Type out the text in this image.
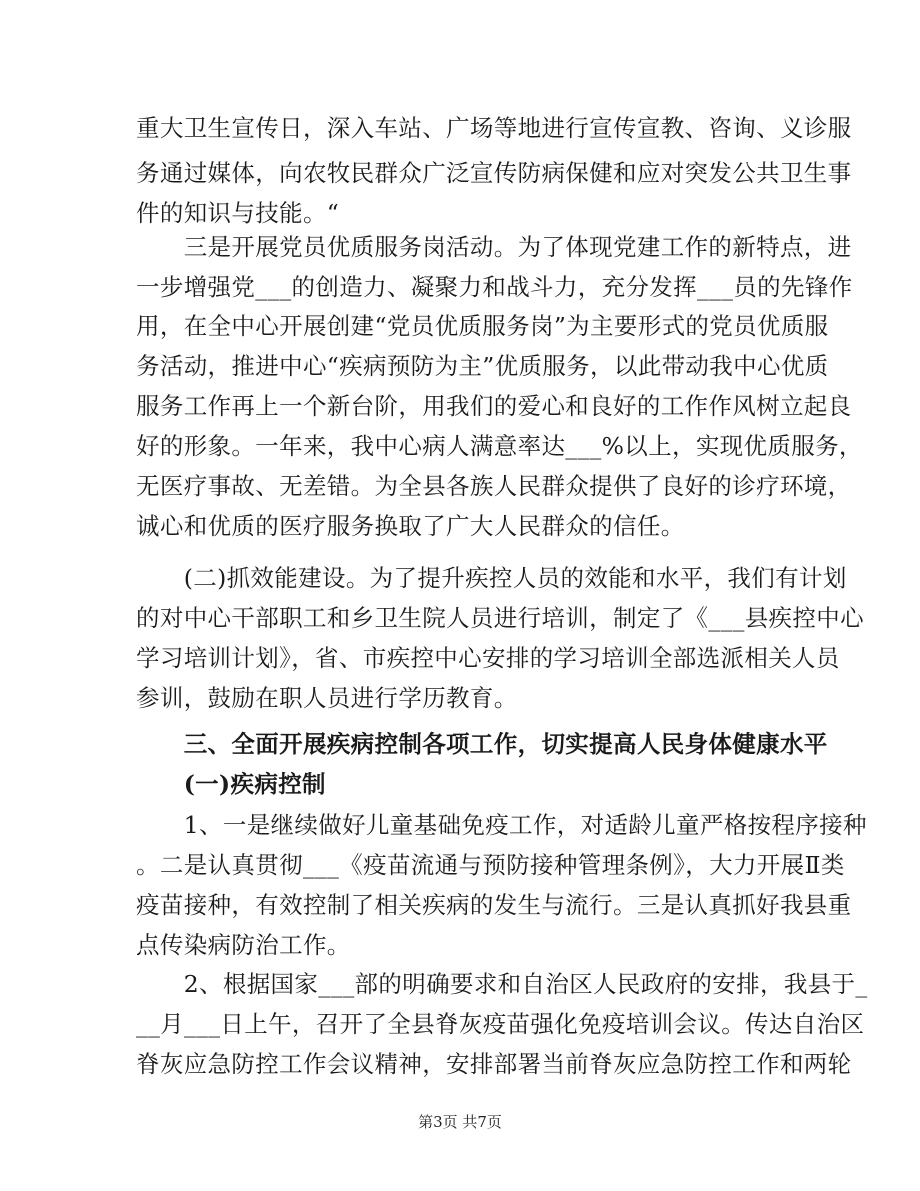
重大卫生宣传日，深入车站、广场等地进行宣传宣教、咨询、义诊服
务通过媒体，向农牧民群众广泛宣传防病保健和应对突发公共卫生事
件的知识与技能。“
　　三是开展党员优质服务岗活动。为了体现党建工作的新特点，进
一步增强党___的创造力、凝聚力和战斗力，充分发挥___员的先锋作
用，在全中心开展创建“党员优质服务岗”为主要形式的党员优质服
务活动，推进中心“疾病预防为主”优质服务，以此带动我中心优质
服务工作再上一个新台阶，用我们的爱心和良好的工作作风树立起良
好的形象。一年来，我中心病人满意率达___%以上，实现优质服务，
无医疗事故、无差错。为全县各族人民群众提供了良好的诊疗环境，
诚心和优质的医疗服务换取了广大人民群众的信任。
　　(二)抓效能建设。为了提升疾控人员的效能和水平，我们有计划
的对中心干部职工和乡卫生院人员进行培训，制定了《___县疾控中心
学习培训计划》，省、市疾控中心安排的学习培训全部选派相关人员
参训，鼓励在职人员进行学历教育。
　　三、全面开展疾病控制各项工作，切实提高人民身体健康水平
　　(一)疾病控制
　　1、一是继续做好儿童基础免疫工作，对适龄儿童严格按程序接种
。二是认真贯彻___《疫苗流通与预防接种管理条例》，大力开展Ⅱ类
疫苗接种，有效控制了相关疾病的发生与流行。三是认真抓好我县重
点传染病防治工作。
　　2、根据国家___部的明确要求和自治区人民政府的安排，我县于_
__月___日上午，召开了全县脊灰疫苗强化免疫培训会议。传达自治区
脊灰应急防控工作会议精神，安排部署当前脊灰应急防控工作和两轮
第3页 共7页
